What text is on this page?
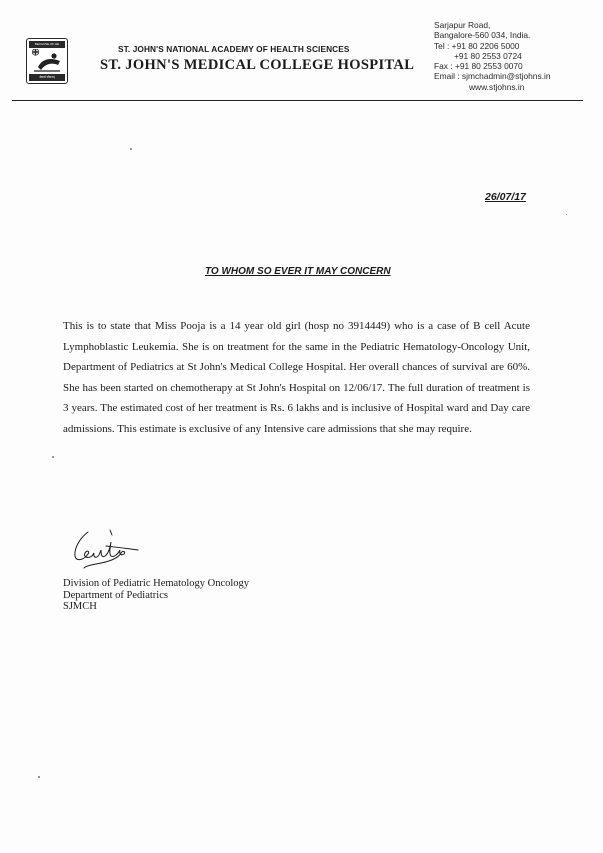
BECAUSE OF HE
सेवार्थ जीवनम्
ST. JOHN'S NATIONAL ACADEMY OF HEALTH SCIENCES
ST. JOHN'S MEDICAL COLLEGE HOSPITAL
Sarjapur Road,
Bangalore-560 034, India.
Tel : +91 80 2206 5000
+91 80 2553 0724
Fax : +91 80 2553 0070
Email : sjmchadmin@stjohns.in
www.stjohns.in
26/07/17
TO WHOM SO EVER IT MAY CONCERN
This is to state that Miss Pooja is a 14 year old girl (hosp no 3914449) who is a case of B cell Acute Lymphoblastic Leukemia. She is on treatment for the same in the Pediatric Hematology-Oncology Unit, Department of Pediatrics at St John's Medical College Hospital. Her overall chances of survival are 60%. She has been started on chemotherapy at St John's Hospital on 12/06/17. The full duration of treatment is 3 years. The estimated cost of her treatment is Rs. 6 lakhs and is inclusive of Hospital ward and Day care admissions. This estimate is exclusive of any Intensive care admissions that she may require.
Division of Pediatric Hematology Oncology
Department of Pediatrics
SJMCH
